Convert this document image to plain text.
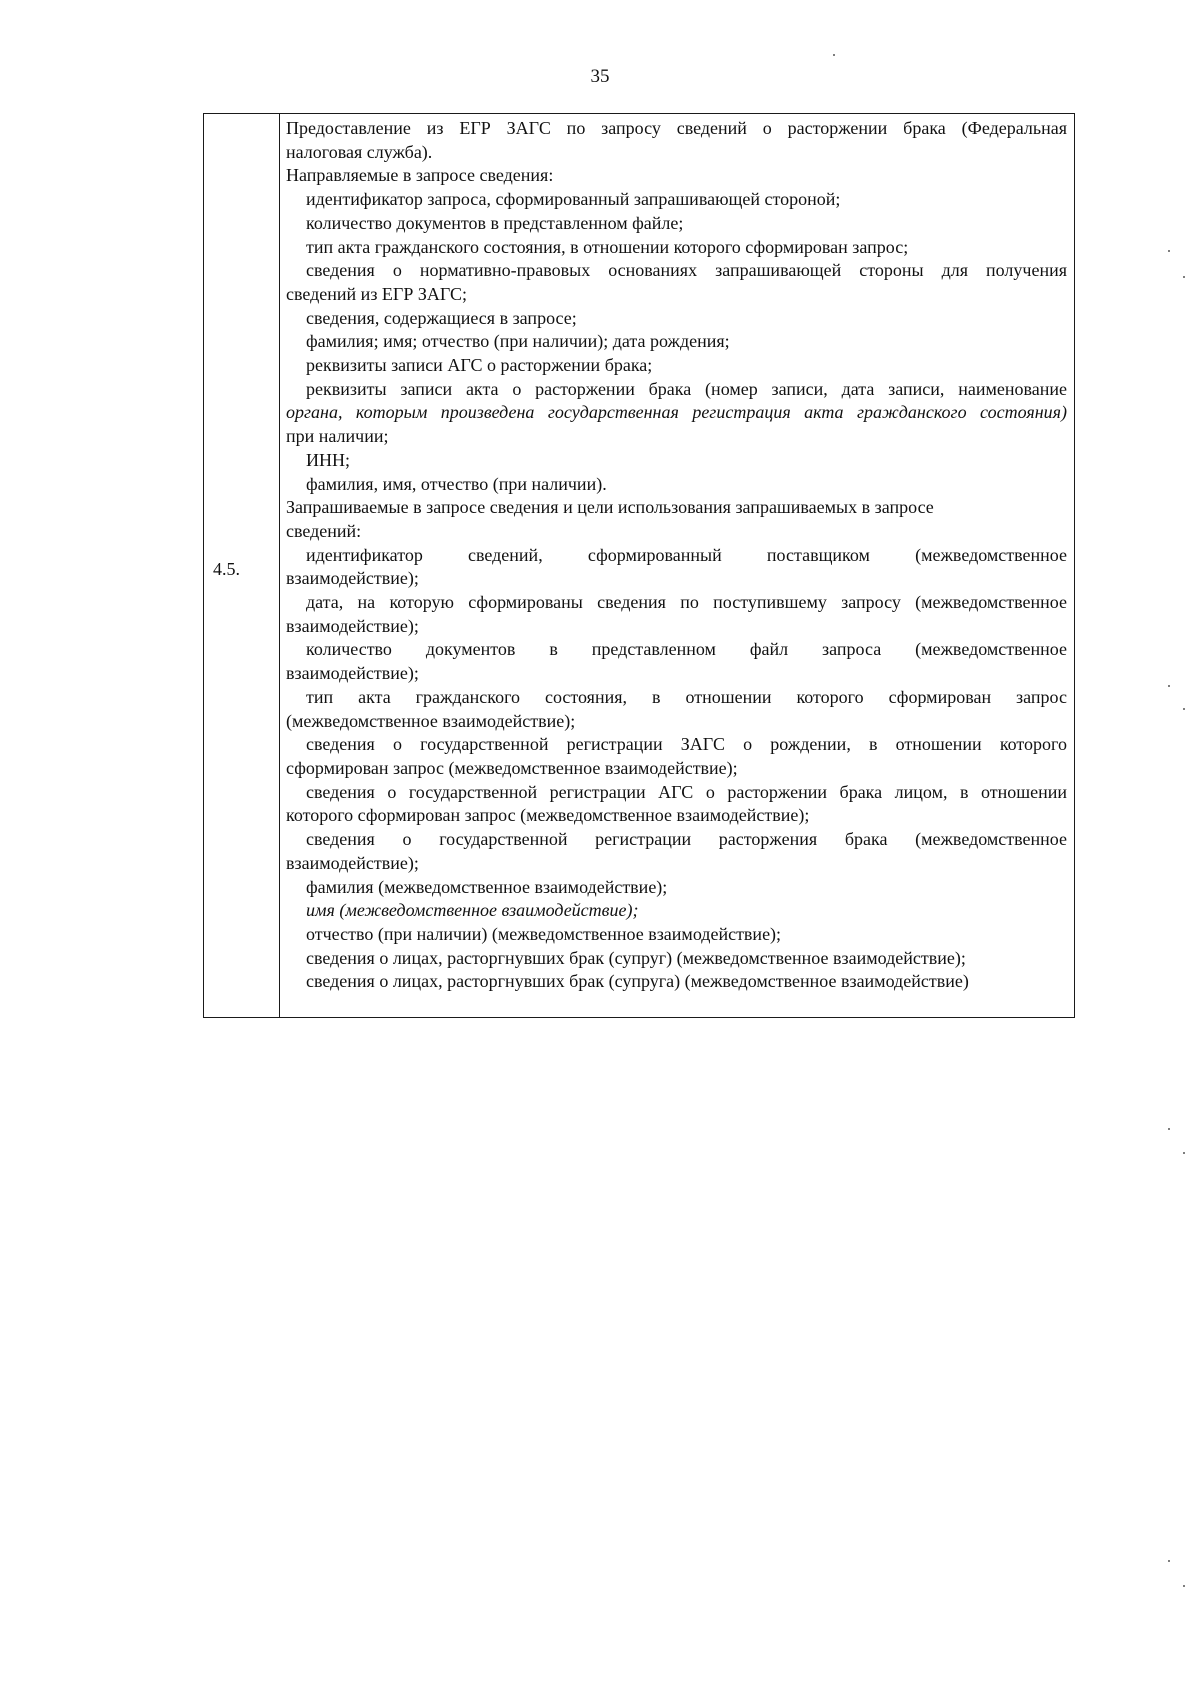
35
4.5.
Предоставление из ЕГР ЗАГС по запросу сведений о расторжении брака (Федеральная
налоговая служба).
Направляемые в запросе сведения:
идентификатор запроса, сформированный запрашивающей стороной;
количество документов в представленном файле;
тип акта гражданского состояния, в отношении которого сформирован запрос;
сведения о нормативно-правовых основаниях запрашивающей стороны для получения
сведений из ЕГР ЗАГС;
сведения, содержащиеся в запросе;
фамилия; имя; отчество (при наличии); дата рождения;
реквизиты записи АГС о расторжении брака;
реквизиты записи акта о расторжении брака (номер записи, дата записи, наименование
органа, которым произведена государственная регистрация акта гражданского состояния)
при наличии;
ИНН;
фамилия, имя, отчество (при наличии).
Запрашиваемые в запросе сведения и цели использования запрашиваемых в запросе
сведений:
идентификатор сведений, сформированный поставщиком (межведомственное
взаимодействие);
дата, на которую сформированы сведения по поступившему запросу (межведомственное
взаимодействие);
количество документов в представленном файл запроса (межведомственное
взаимодействие);
тип акта гражданского состояния, в отношении которого сформирован запрос
(межведомственное взаимодействие);
сведения о государственной регистрации ЗАГС о рождении, в отношении которого
сформирован запрос (межведомственное взаимодействие);
сведения о государственной регистрации АГС о расторжении брака лицом, в отношении
которого сформирован запрос (межведомственное взаимодействие);
сведения о государственной регистрации расторжения брака (межведомственное
взаимодействие);
фамилия (межведомственное взаимодействие);
имя (межведомственное взаимодействие);
отчество (при наличии) (межведомственное взаимодействие);
сведения о лицах, расторгнувших брак (супруг) (межведомственное взаимодействие);
сведения о лицах, расторгнувших брак (супруга) (межведомственное взаимодействие)
